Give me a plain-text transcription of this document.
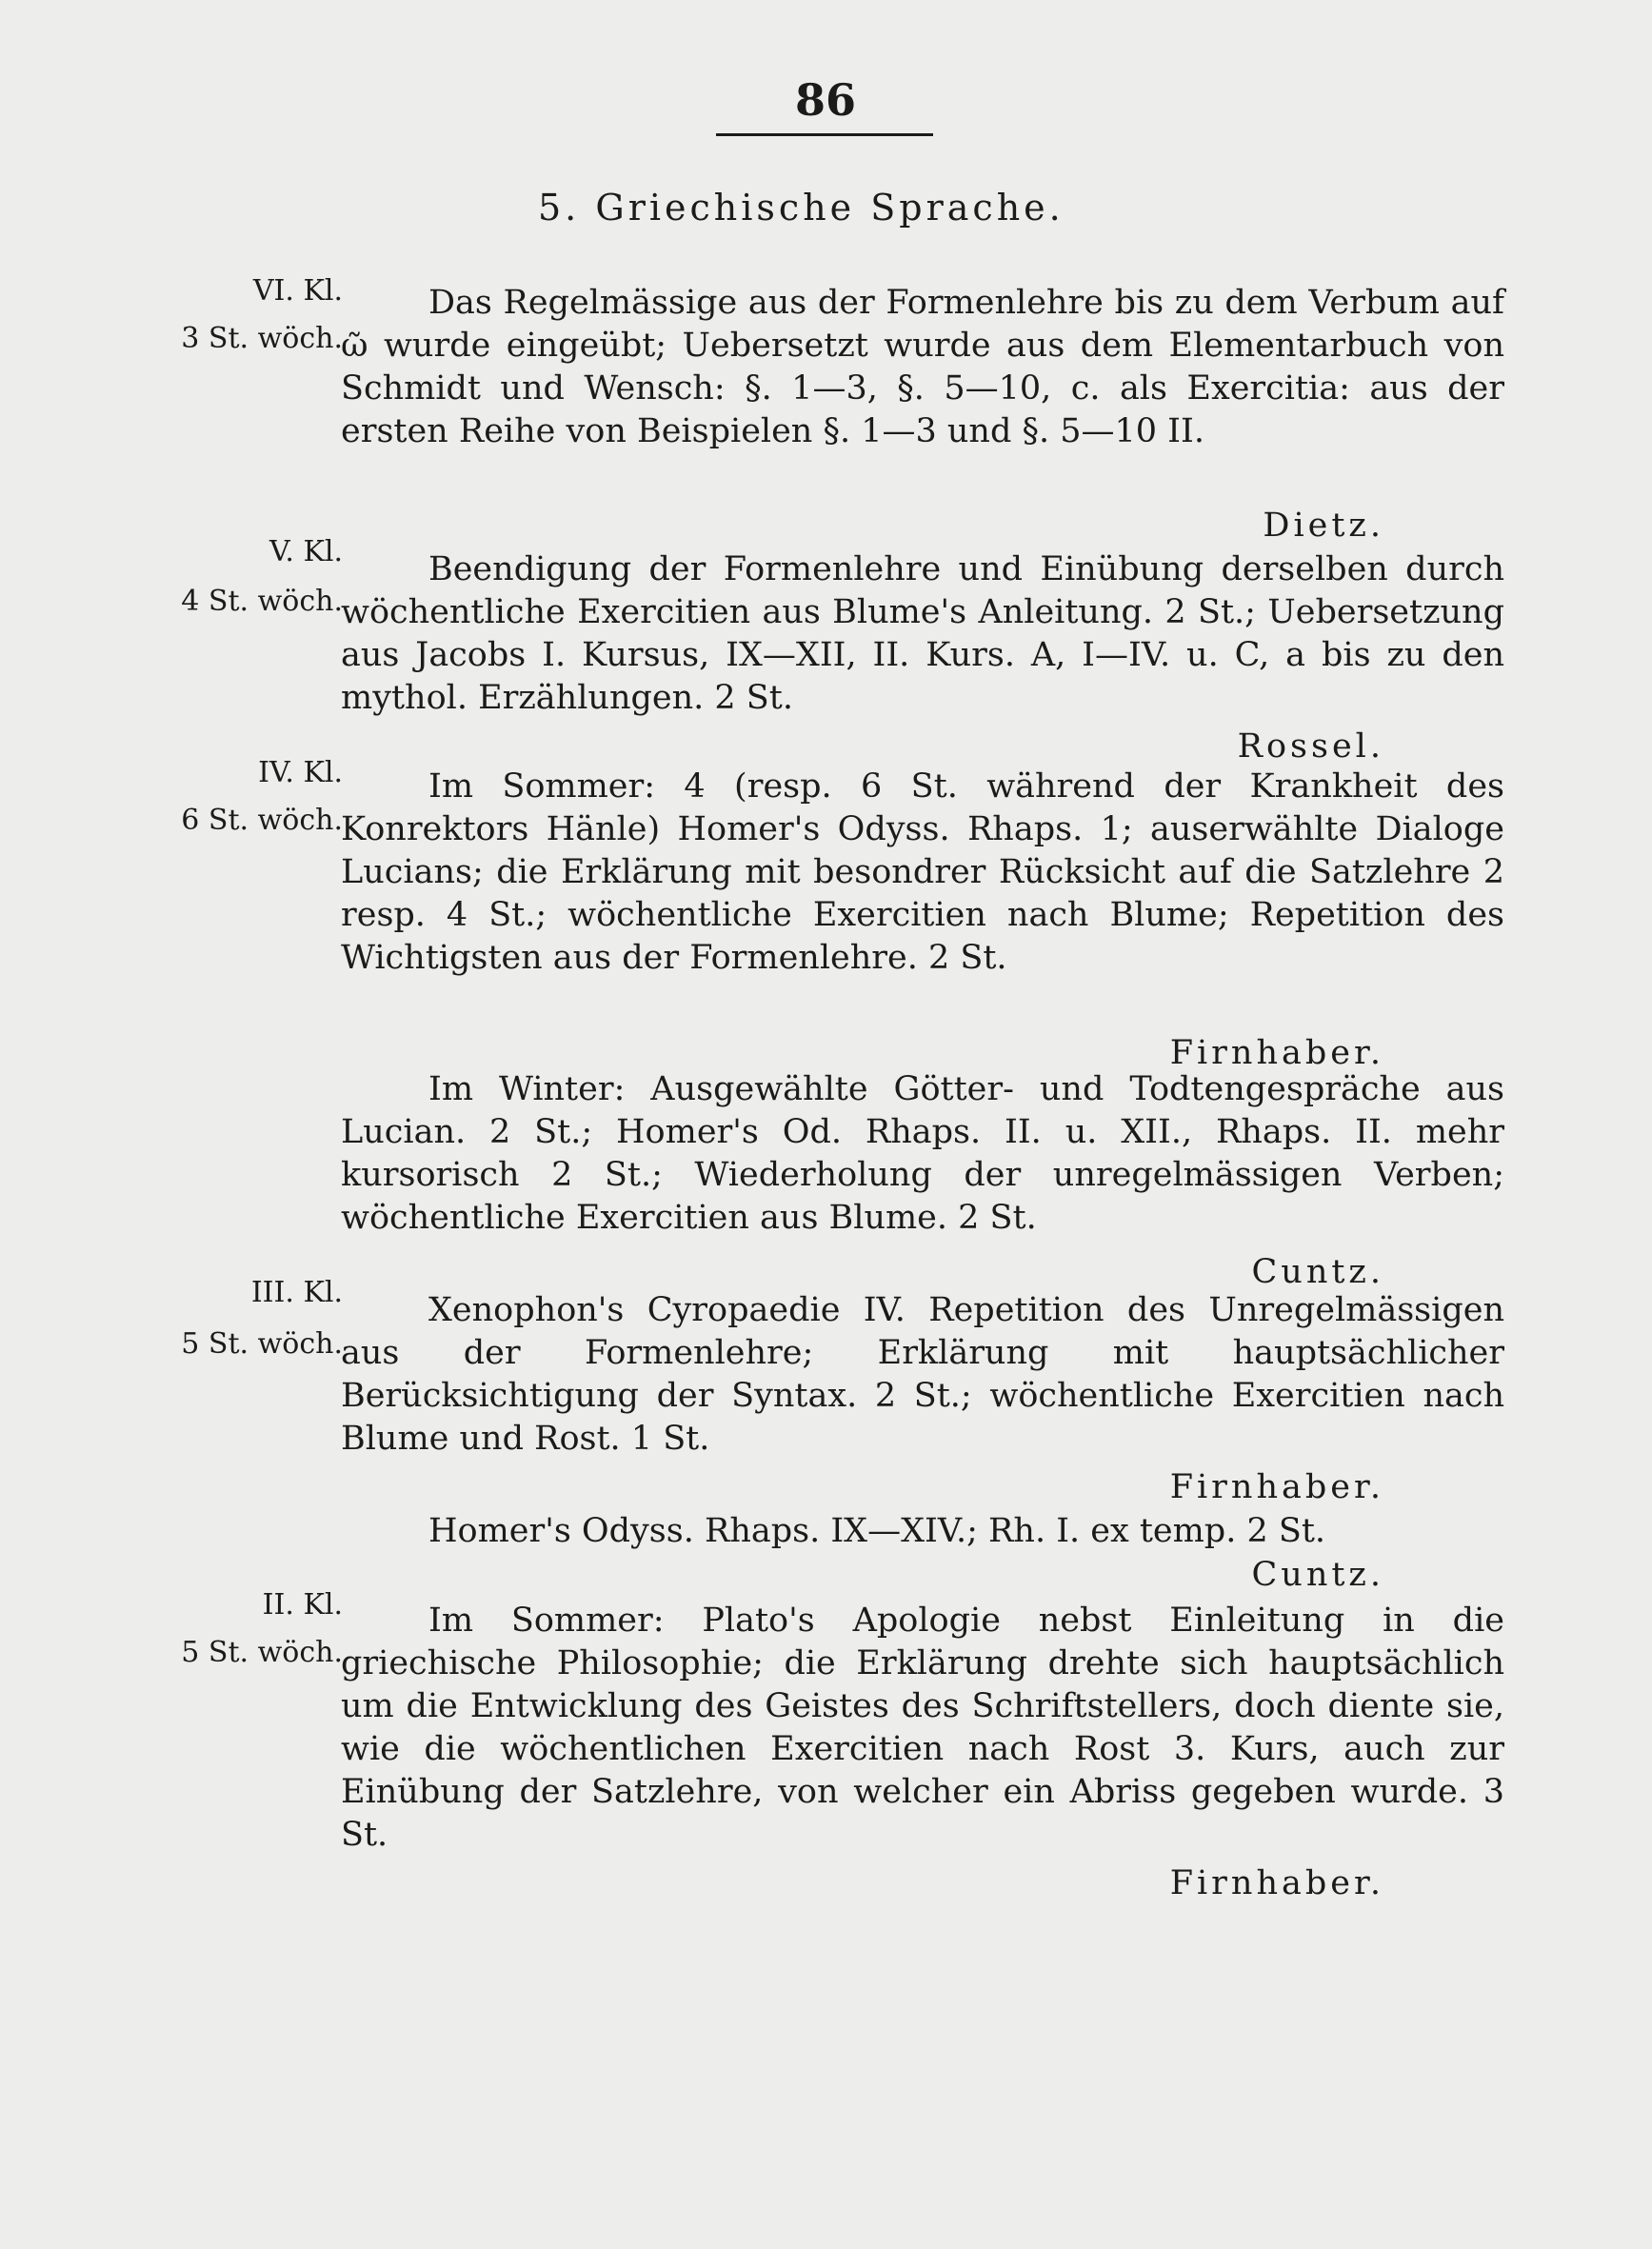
86
5. Griechische Sprache.
VI. Kl.
3 St. wöch.
Das Regelmässige aus der Formenlehre bis zu dem Verbum auf ῶ wurde eingeübt; Uebersetzt wurde aus dem Elementarbuch von Schmidt und Wensch: §. 1—3, §. 5—10, c. als Exercitia: aus der ersten Reihe von Beispielen §. 1—3 und §. 5—10 II.
Dietz.
V. Kl.
4 St. wöch.
Beendigung der Formenlehre und Einübung derselben durch wöchentliche Exercitien aus Blume's Anleitung. 2 St.; Uebersetzung aus Jacobs I. Kursus, IX—XII, II. Kurs. A, I—IV. u. C, a bis zu den mythol. Erzählungen. 2 St.
Rossel.
IV. Kl.
6 St. wöch.
Im Sommer: 4 (resp. 6 St. während der Krankheit des Konrektors Hänle) Homer's Odyss. Rhaps. 1; auserwählte Dialoge Lucians; die Erklärung mit besondrer Rücksicht auf die Satzlehre 2 resp. 4 St.; wöchentliche Exercitien nach Blume; Repetition des Wichtigsten aus der Formenlehre. 2 St.
Firnhaber.
Im Winter: Ausgewählte Götter- und Todtengespräche aus Lucian. 2 St.; Homer's Od. Rhaps. II. u. XII., Rhaps. II. mehr kursorisch 2 St.; Wiederholung der unregelmässigen Verben; wöchentliche Exercitien aus Blume. 2 St.
Cuntz.
III. Kl.
5 St. wöch.
Xenophon's Cyropaedie IV. Repetition des Unregelmässigen aus der Formenlehre; Erklärung mit hauptsächlicher Berücksichtigung der Syntax. 2 St.; wöchentliche Exercitien nach Blume und Rost. 1 St.
Firnhaber.
Homer's Odyss. Rhaps. IX—XIV.; Rh. I. ex temp. 2 St.
Cuntz.
II. Kl.
5 St. wöch.
Im Sommer: Plato's Apologie nebst Einleitung in die griechische Philosophie; die Erklärung drehte sich hauptsächlich um die Entwicklung des Geistes des Schriftstellers, doch diente sie, wie die wöchentlichen Exercitien nach Rost 3. Kurs, auch zur Einübung der Satzlehre, von welcher ein Abriss gegeben wurde. 3 St.
Firnhaber.
